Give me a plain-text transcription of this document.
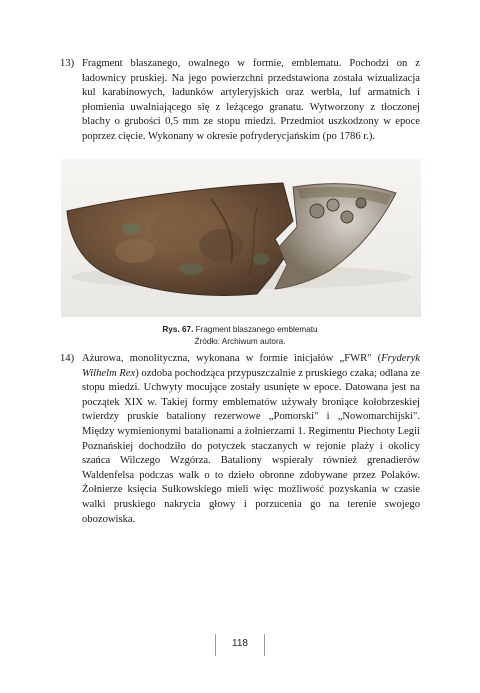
13) Fragment blaszanego, owalnego w formie, emblematu. Pochodzi on z ładownicy pruskiej. Na jego powierzchni przedstawiona została wizualizacja kul karabinowych, ładunków artyleryjskich oraz werbla, luf armatnich i płomienia uwalniającego się z leżącego granatu. Wytworzony z tłoczonej blachy o grubości 0,5 mm ze stopu miedzi. Przedmiot uszkodzony w epoce poprzez cięcie. Wykonany w okresie pofryderycjańskim (po 1786 r.).
Rys. 67. Fragment blaszanego emblematu
Źródło: Archiwum autora.
14) Ażurowa, monolityczna, wykonana w formie inicjałów „FWR" (Fryderyk Wilhelm Rex) ozdoba pochodząca przypuszczalnie z pruskiego czaka; odlana ze stopu miedzi. Uchwyty mocujące zostały usunięte w epoce. Datowana jest na początek XIX w. Takiej formy emblematów używały broniące kołobrzeskiej twierdzy pruskie bataliony rezerwowe „Pomorski" i „Nowomarchijski". Między wymienionymi batalionami a żołnierzami 1. Regimentu Piechoty Legii Poznańskiej dochodziło do potyczek staczanych w rejonie plaży i okolicy szańca Wilczego Wzgórza. Bataliony wspierały również grenadierów Waldenfelsa podczas walk o to dzieło obronne zdobywane przez Polaków. Żołnierze księcia Sułkowskiego mieli więc możliwość pozyskania w czasie walki pruskiego nakrycia głowy i porzucenia go na terenie swojego obozowiska.
118
